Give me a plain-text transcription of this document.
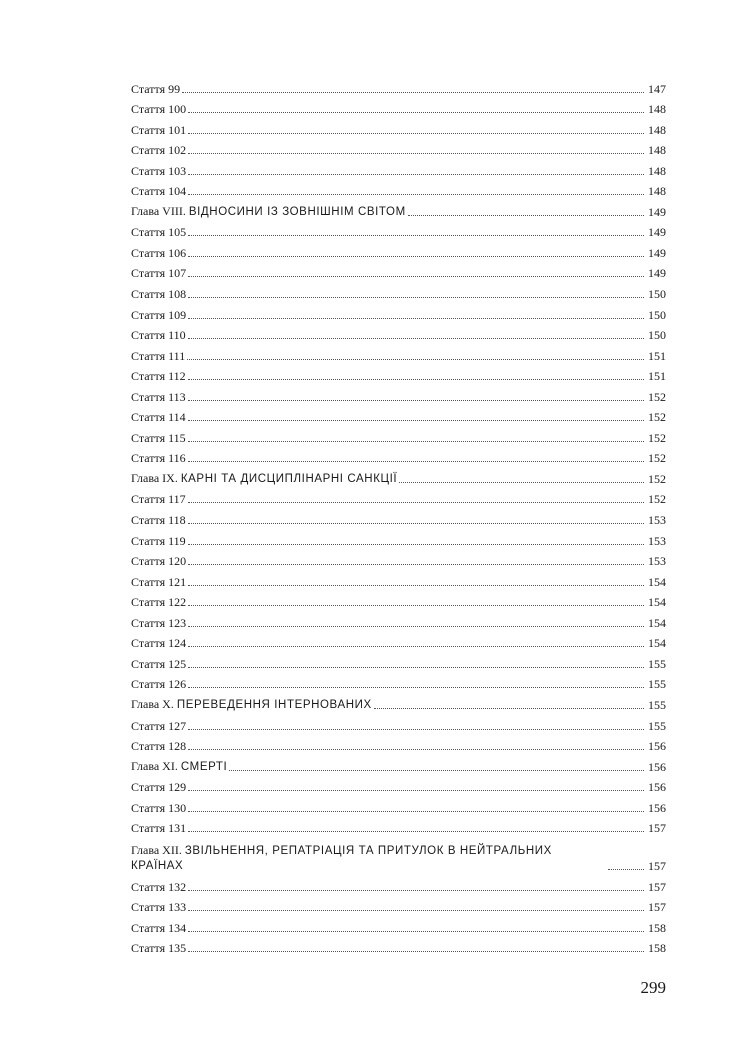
Стаття 99	147
Стаття 100	148
Стаття 101	148
Стаття 102	148
Стаття 103	148
Стаття 104	148
Глава VIII. ВІДНОСИНИ ІЗ ЗОВНІШНІМ СВІТОМ	149
Стаття 105	149
Стаття 106	149
Стаття 107	149
Стаття 108	150
Стаття 109	150
Стаття 110	150
Стаття 111	151
Стаття 112	151
Стаття 113	152
Стаття 114	152
Стаття 115	152
Стаття 116	152
Глава IX. КАРНІ ТА ДИСЦИПЛІНАРНІ САНКЦІЇ	152
Стаття 117	152
Стаття 118	153
Стаття 119	153
Стаття 120	153
Стаття 121	154
Стаття 122	154
Стаття 123	154
Стаття 124	154
Стаття 125	155
Стаття 126	155
Глава X. ПЕРЕВЕДЕННЯ ІНТЕРНОВАНИХ	155
Стаття 127	155
Стаття 128	156
Глава XI. СМЕРТІ	156
Стаття 129	156
Стаття 130	156
Стаття 131	157
Глава XII. ЗВІЛЬНЕННЯ, РЕПАТРІАЦІЯ ТА ПРИТУЛОК В НЕЙТРАЛЬНИХ КРАЇНАХ	157
Стаття 132	157
Стаття 133	157
Стаття 134	158
Стаття 135	158
299
